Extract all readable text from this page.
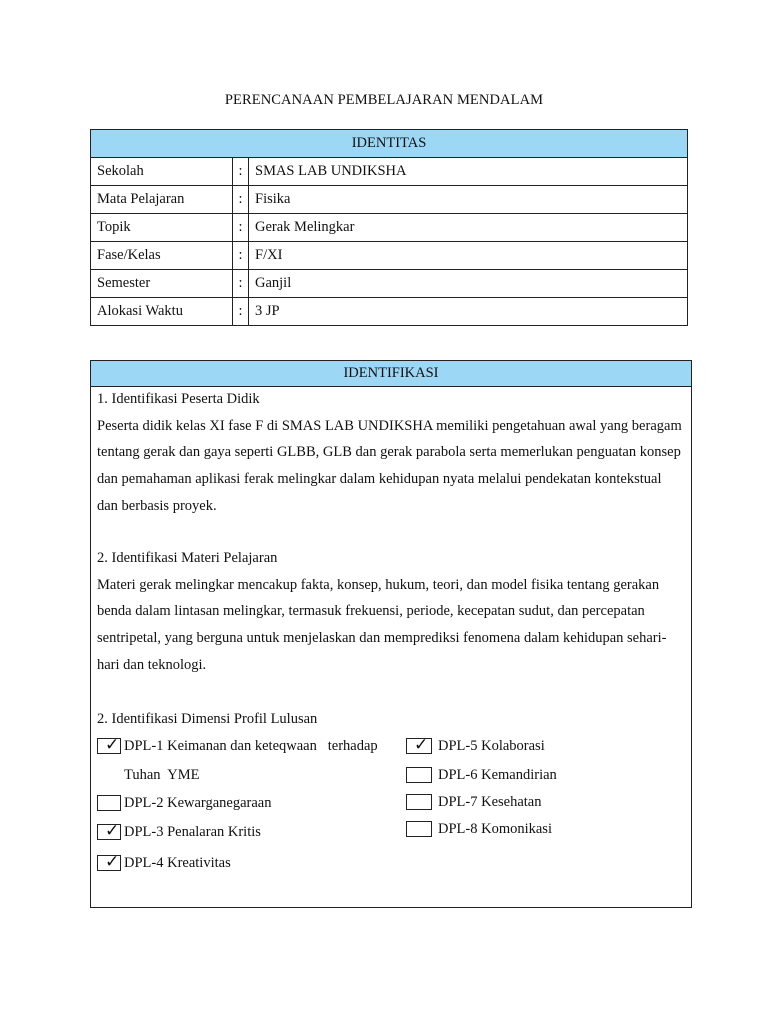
PERENCANAAN PEMBELAJARAN MENDALAM
IDENTITAS		
Sekolah	:	SMAS LAB UNDIKSHA
Mata Pelajaran	:	Fisika
Topik	:	Gerak Melingkar
Fase/Kelas	:	F/XI
Semester	:	Ganjil
Alokasi Waktu	:	3 JP
IDENTIFIKASI

1. Identifikasi Peserta Didik

Peserta didik kelas XI fase F di SMAS LAB UNDIKSHA memiliki pengetahuan awal yang beragam tentang gerak dan gaya seperti GLBB, GLB dan gerak parabola serta memerlukan penguatan konsep dan pemahaman aplikasi ferak melingkar dalam kehidupan nyata melalui pendekatan kontekstual dan berbasis proyek.

2. Identifikasi Materi Pelajaran

Materi gerak melingkar mencakup fakta, konsep, hukum, teori, dan model fisika tentang gerakan benda dalam lintasan melingkar, termasuk frekuensi, periode, kecepatan sudut, dan percepatan sentripetal, yang berguna untuk menjelaskan dan memprediksi fenomena dalam kehidupan sehari-hari dan teknologi.

2. Identifikasi Dimensi Profil Lulusan

✓ DPL-1 Keimanan dan keteqwaan   terhadap
Tuhan  YME
DPL-2 Kewarganegaraan
✓ DPL-3 Penalaran Kritis
✓ DPL-4 Kreativitas
✓ DPL-5 Kolaborasi
DPL-6 Kemandirian
DPL-7 Kesehatan
DPL-8 Komonikasi
